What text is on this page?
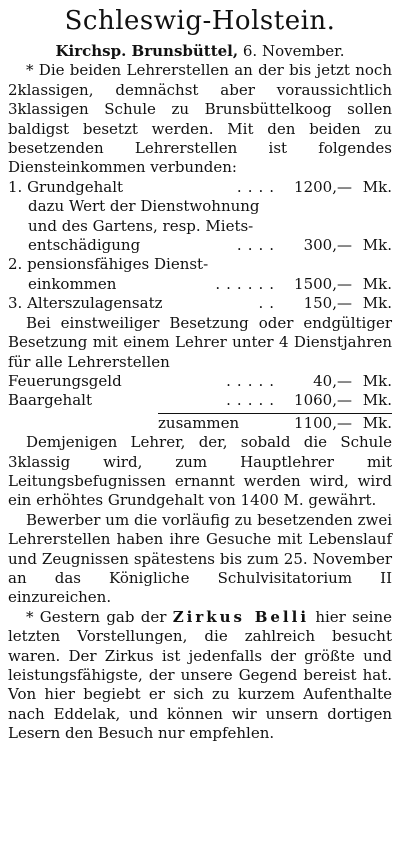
Schleswig-Holstein.
Kirchsp. Brunsbüttel, 6. November.

* Die beiden Lehrerstellen an der bis jetzt noch 2klassigen, demnächst aber voraussichtlich 3klassigen Schule zu Brunsbüttelkoog sollen baldigst besetzt werden. Mit den beiden zu besetzenden Lehrerstellen ist folgendes Diensteinkommen verbunden:

1. Grundgehalt	.... 1200,— Mk.
dazu Wert der Dienstwohnung
und des Gartens, resp. Miets-
entschädigung	....	300,— Mk.
2. pensionsfähiges Dienst-
einkommen	...... 1500,— Mk.
3. Alterszulagensatz	..	150,— Mk.

Bei einstweiliger Besetzung oder endgültiger Besetzung mit einem Lehrer unter 4 Dienstjahren für alle Lehrerstellen

Feuerungsgeld	.....	40,— Mk.
Baargehalt	..... 1060,— Mk.
zusammen	1100,— Mk.

Demjenigen Lehrer, der, sobald die Schule 3klassig wird, zum Hauptlehrer mit Leitungsbefugnissen ernannt werden wird, wird ein erhöhtes Grundgehalt von 1400 M. gewährt.

Bewerber um die vorläufig zu besetzenden zwei Lehrerstellen haben ihre Gesuche mit Lebenslauf und Zeugnissen spätestens bis zum 25. November an das Königliche Schulvisitatorium II einzureichen.

* Gestern gab der Zirkus Belli hier seine letzten Vorstellungen, die zahlreich besucht waren. Der Zirkus ist jedenfalls der größte und leistungsfähigste, der unsere Gegend bereist hat. Von hier begiebt er sich zu kurzem Aufenthalte nach Eddelak, und können wir unsern dortigen Lesern den Besuch nur empfehlen.
